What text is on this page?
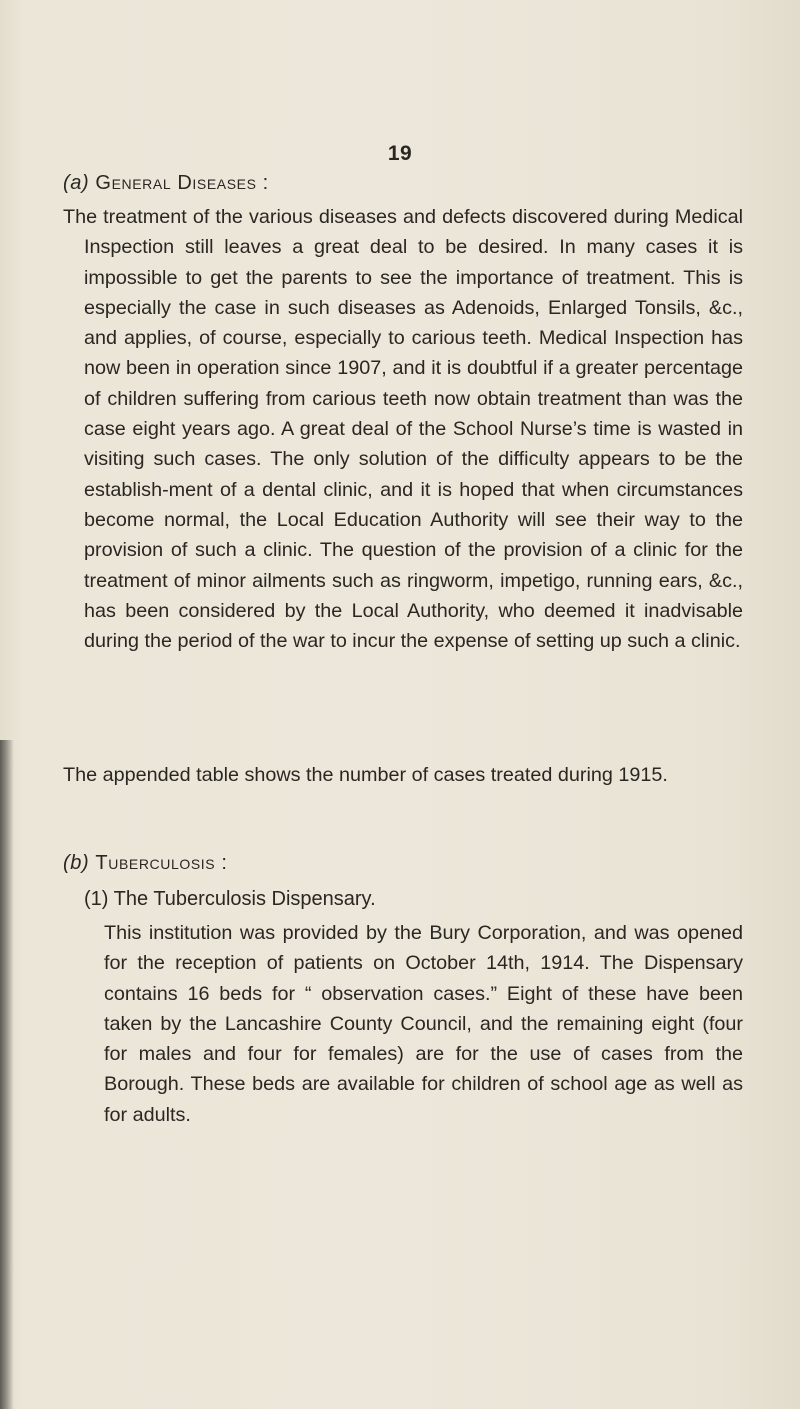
19
(a) General Diseases :

The treatment of the various diseases and defects discovered during Medical Inspection still leaves a great deal to be desired. In many cases it is impossible to get the parents to see the importance of treatment. This is especially the case in such diseases as Adenoids, Enlarged Tonsils, &c., and applies, of course, especially to carious teeth. Medical Inspection has now been in operation since 1907, and it is doubtful if a greater percentage of children suffering from carious teeth now obtain treatment than was the case eight years ago. A great deal of the School Nurse’s time is wasted in visiting such cases. The only solution of the difficulty appears to be the establish-ment of a dental clinic, and it is hoped that when circumstances become normal, the Local Education Authority will see their way to the provision of such a clinic. The question of the provision of a clinic for the treatment of minor ailments such as ringworm, impetigo, running ears, &c., has been considered by the Local Authority, who deemed it inadvisable during the period of the war to incur the expense of setting up such a clinic.

The appended table shows the number of cases treated during 1915.

(b) Tuberculosis :
(1) The Tuberculosis Dispensary.

This institution was provided by the Bury Corporation, and was opened for the reception of patients on October 14th, 1914. The Dispensary contains 16 beds for “ observation cases.” Eight of these have been taken by the Lancashire County Council, and the remaining eight (four for males and four for females) are for the use of cases from the Borough. These beds are available for children of school age as well as for adults.
